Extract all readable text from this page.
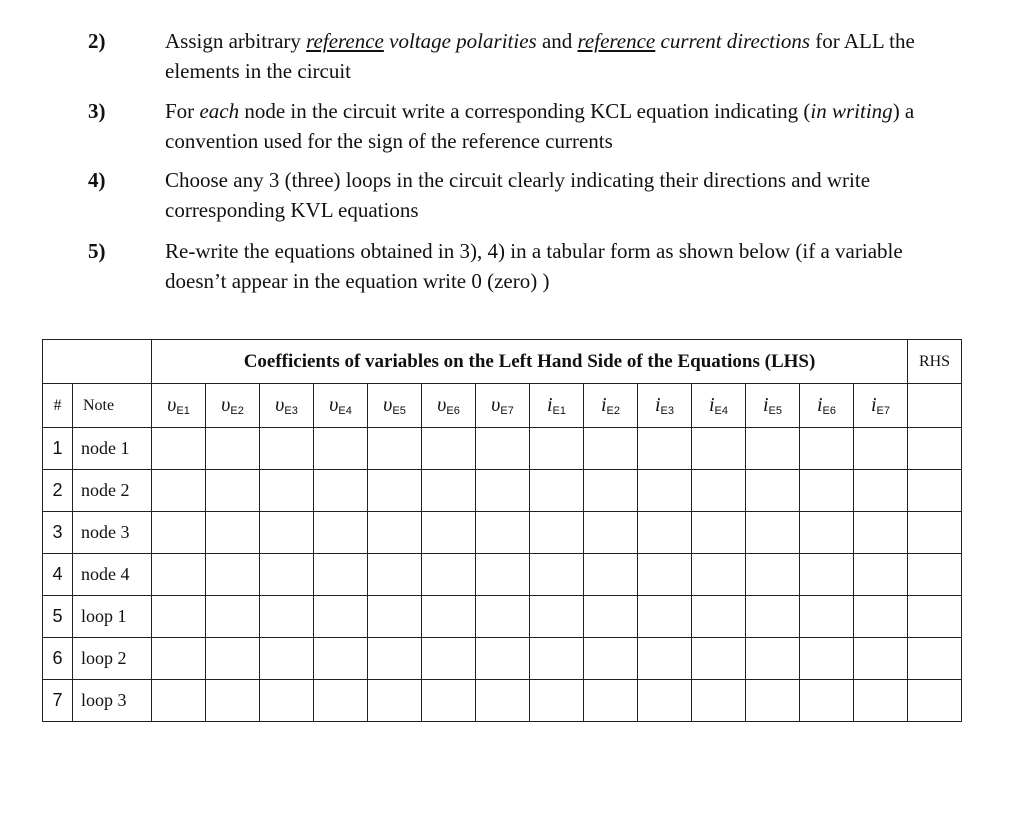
2)	Assign arbitrary reference voltage polarities and reference current directions for ALL the elements in the circuit
3)	For each node in the circuit write a corresponding KCL equation indicating (in writing) a convention used for the sign of the reference currents
4)	Choose any 3 (three) loops in the circuit clearly indicating their directions and write corresponding KVL equations
5)	Re-write the equations obtained in 3), 4) in a tabular form as shown below (if a variable doesn’t appear in the equation write 0 (zero) )
		Coefficients of variables on the Left Hand Side of the Equations (LHS)														RHS
#	Note	$\upsilon_{E1}$	$\upsilon_{E2}$	$\upsilon_{E3}$	$\upsilon_{E4}$	$\upsilon_{E5}$	$\upsilon_{E6}$	$\upsilon_{E7}$	$i_{E1}$	$i_{E2}$	$i_{E3}$	$i_{E4}$	$i_{E5}$	$i_{E6}$	$i_{E7}$	
1	node 1															
2	node 2															
3	node 3															
4	node 4															
5	loop 1															
6	loop 2															
7	loop 3															
